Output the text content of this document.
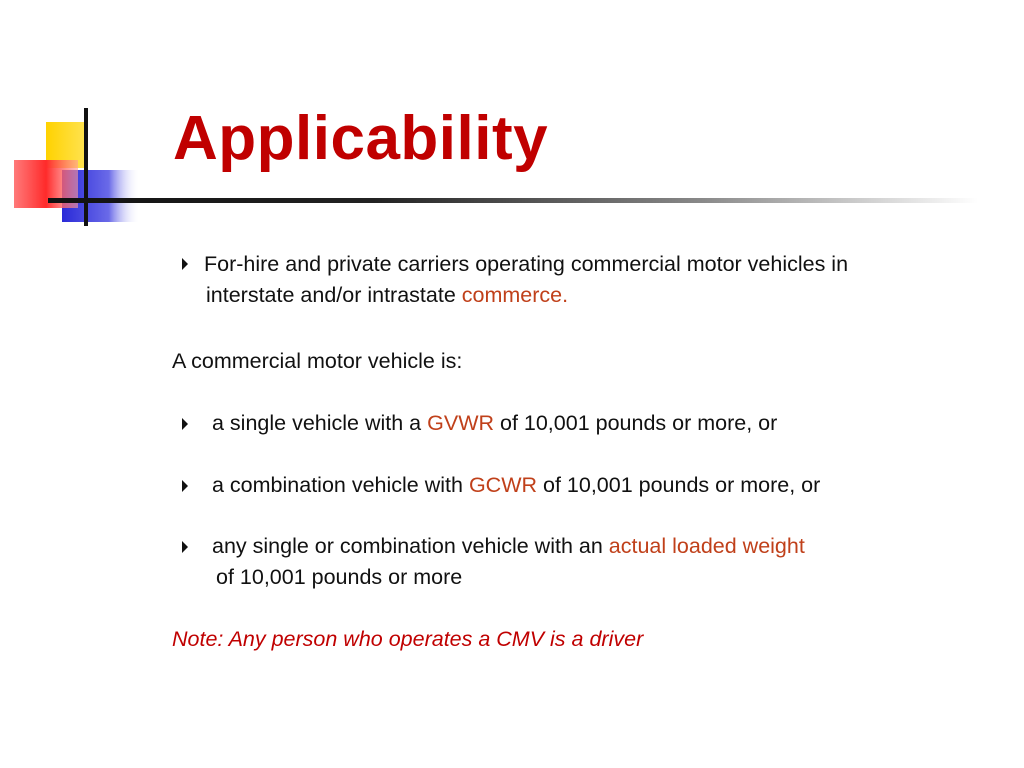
Applicability
For-hire and private carriers operating commercial motor vehicles in
interstate and/or intrastate commerce.
A commercial motor vehicle is:
a single vehicle with a GVWR of 10,001 pounds or more, or
a combination vehicle with GCWR of 10,001 pounds or more, or
any single or combination vehicle with an actual loaded weight
of 10,001 pounds or more
Note: Any person who operates a CMV is a driver
